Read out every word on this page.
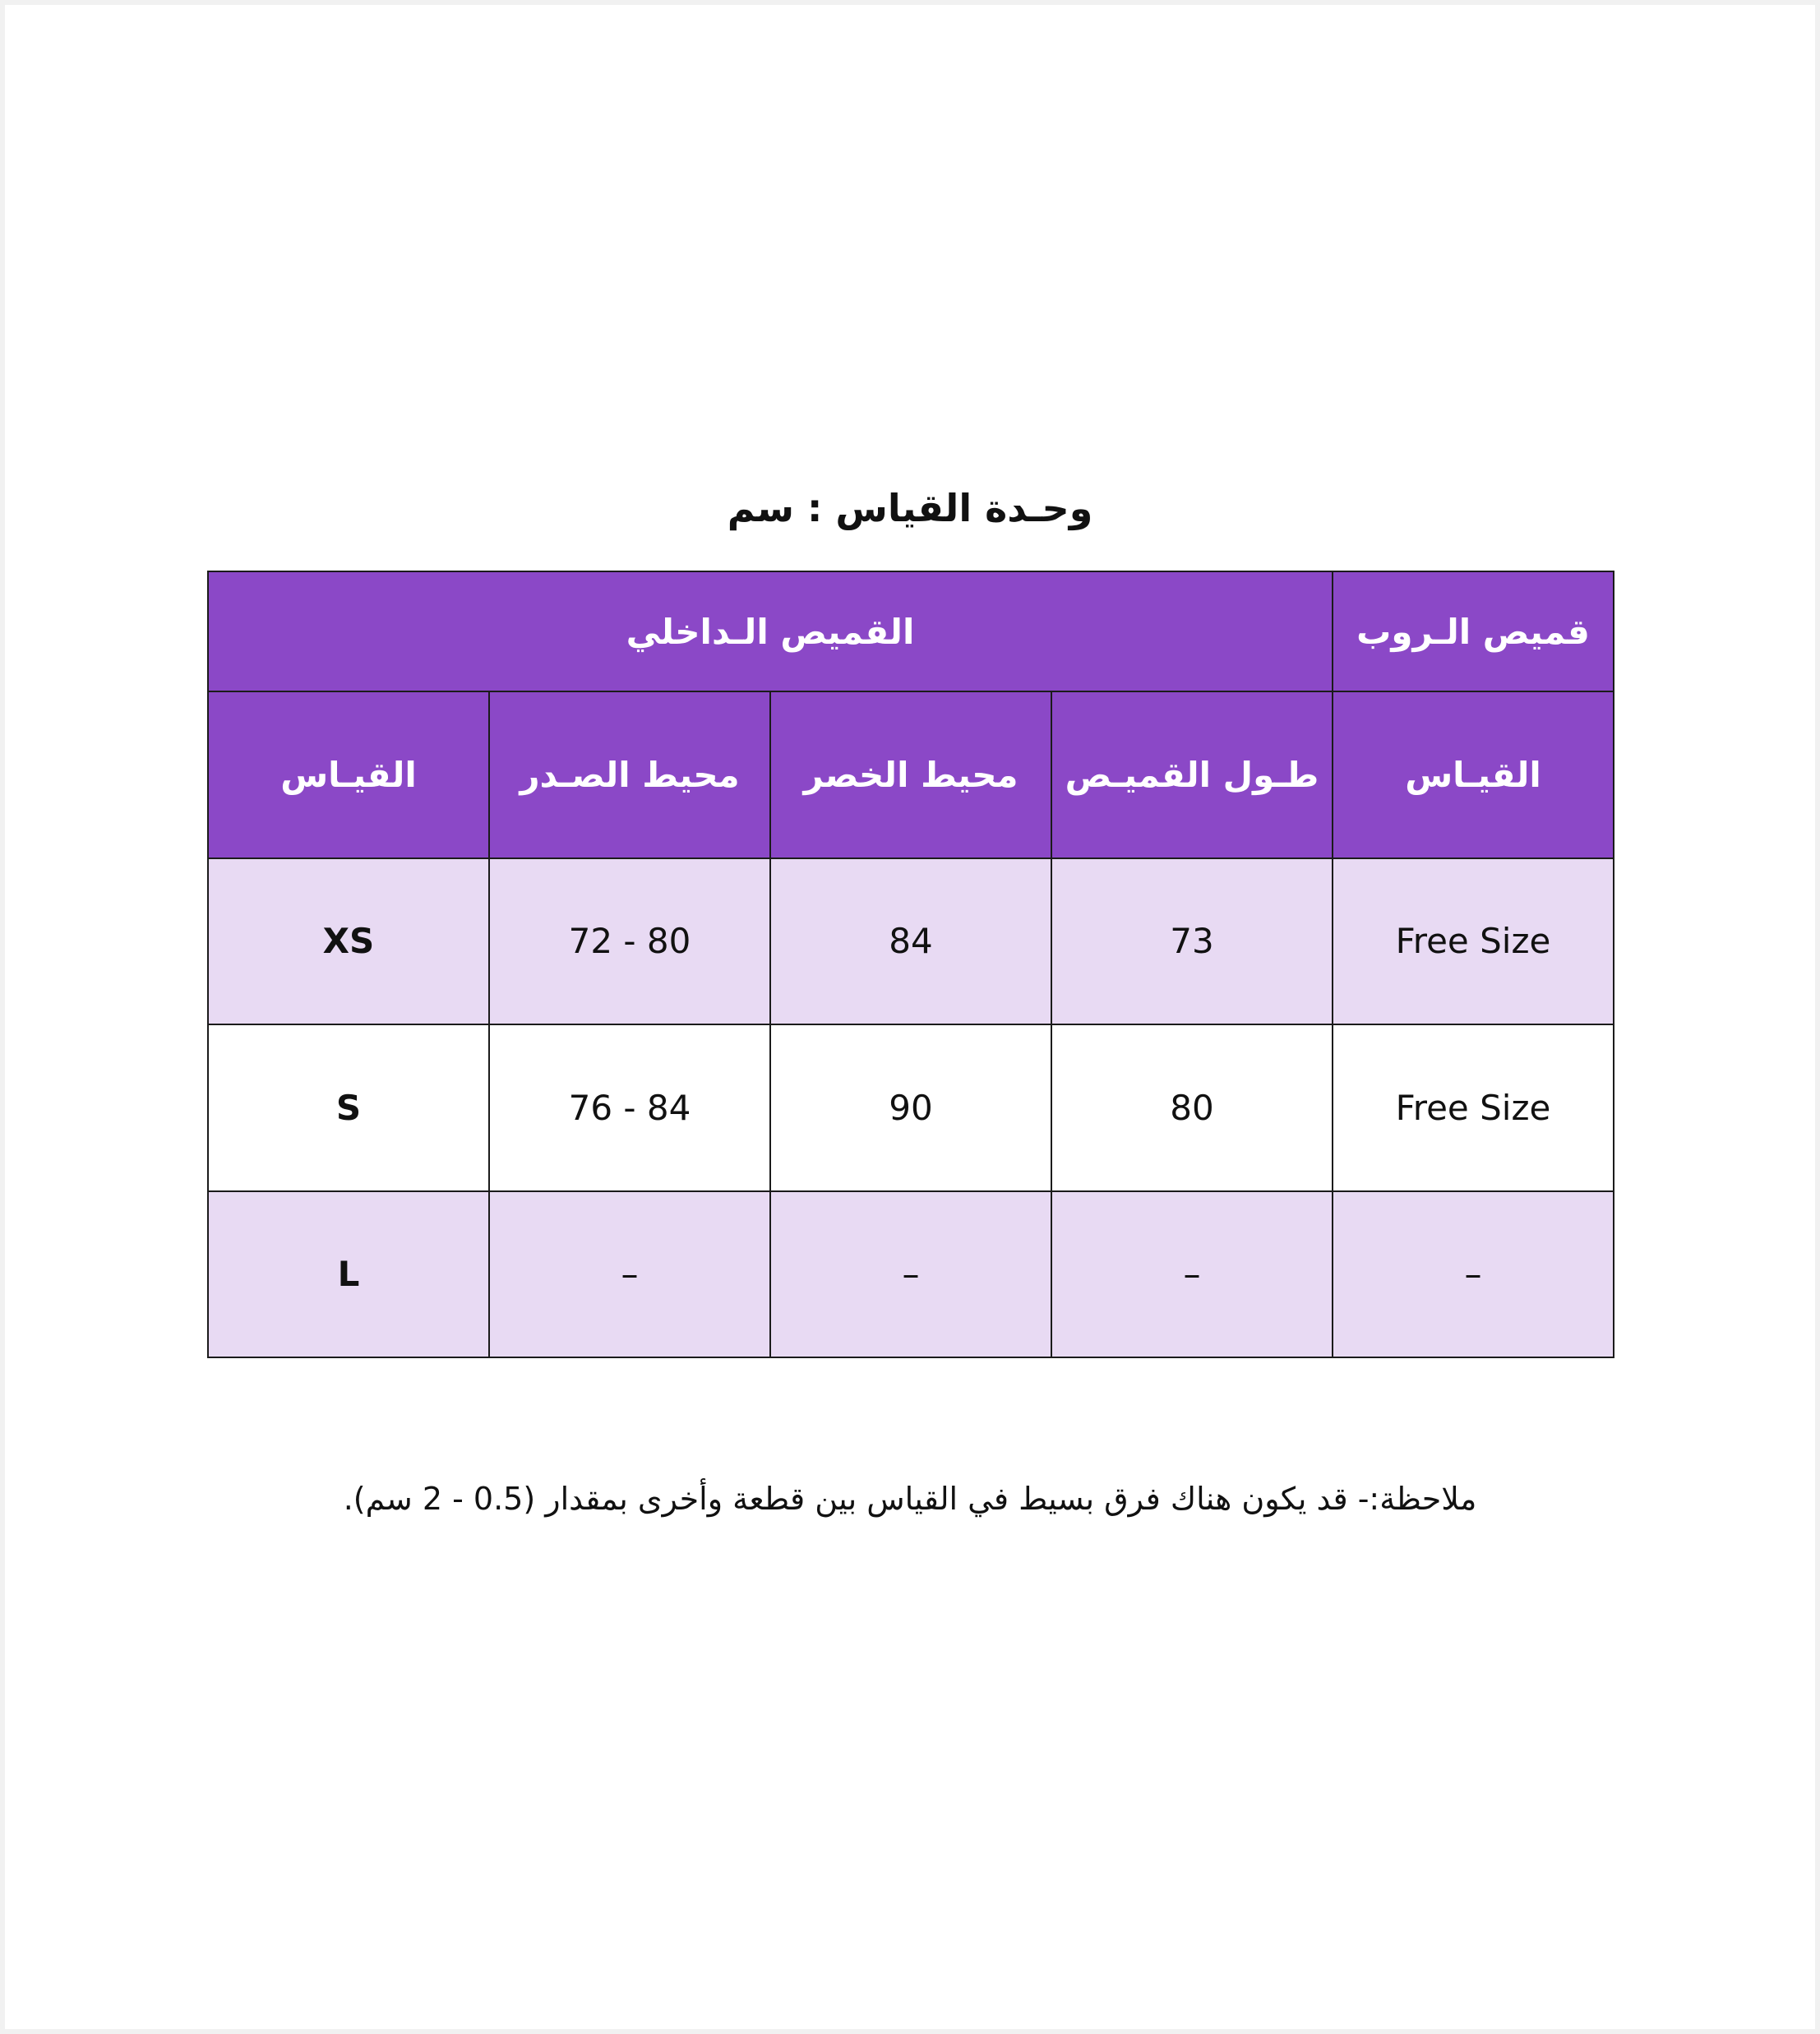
وحـدة القياس : سم
القميص الـداخلي				قميص الـروب
القيـاس	محيط الصـدر	محيط الخصر	طـول القميـص	القيـاس
XS	72 - 80	84	73	Free Size
S	76 - 84	90	80	Free Size
L	–	–	–	–
ملاحظة:- قد يكون هناك فرق بسيط في القياس بين قطعة وأخرى بمقدار (0.5 - 2 سم).
